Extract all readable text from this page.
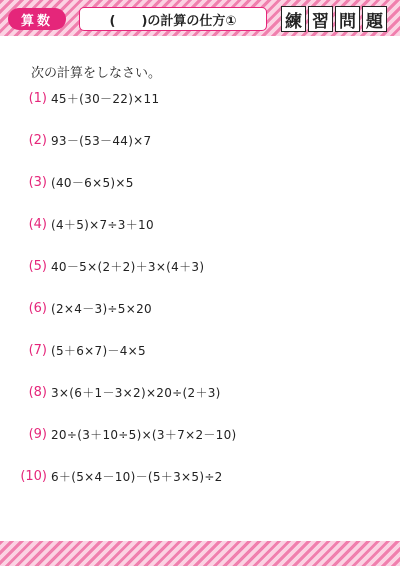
算数	(　　)の計算の仕方①	練 習 問 題
次の計算をしなさい。
(1) 45＋(30－22)×11
(2) 93－(53－44)×7
(3) (40－6×5)×5
(4) (4＋5)×7÷3＋10
(5) 40－5×(2＋2)＋3×(4＋3)
(6) (2×4－3)÷5×20
(7) (5＋6×7)－4×5
(8) 3×(6＋1－3×2)×20÷(2＋3)
(9) 20÷(3＋10÷5)×(3＋7×2－10)
(10) 6＋(5×4－10)－(5＋3×5)÷2
